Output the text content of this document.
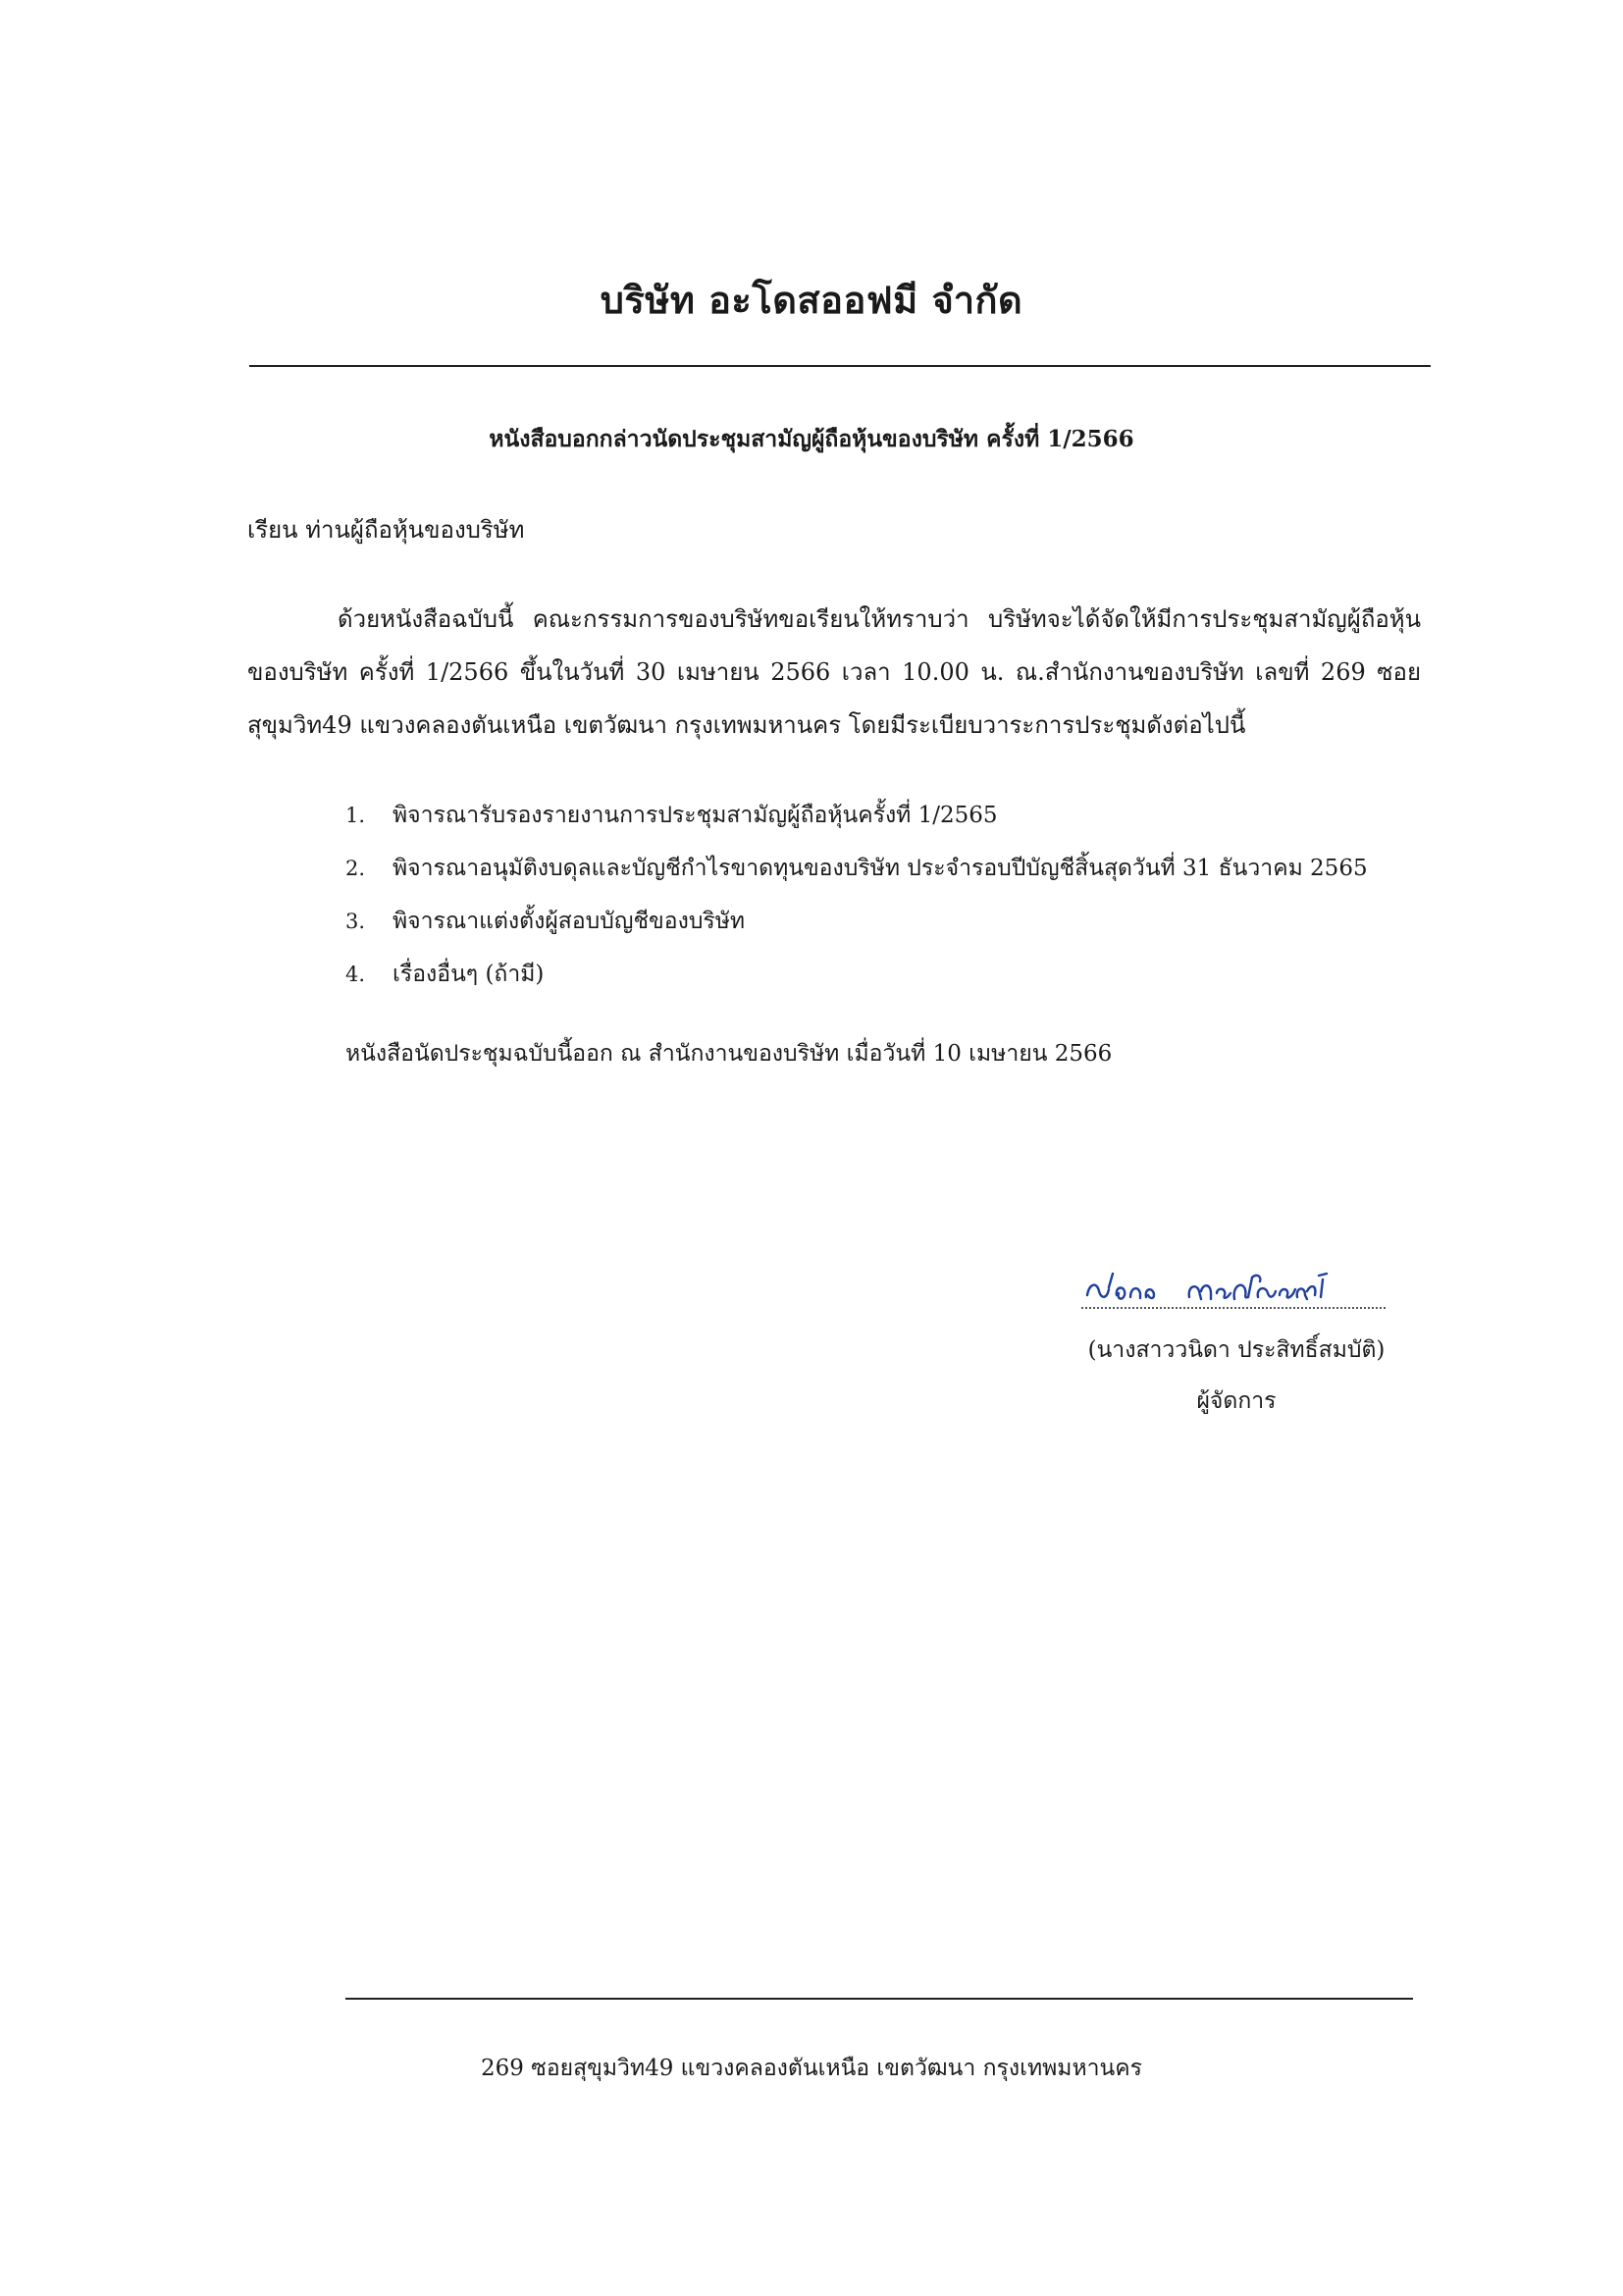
บริษัท อะโดสออฟมี จำกัด
หนังสือบอกกล่าวนัดประชุมสามัญผู้ถือหุ้นของบริษัท ครั้งที่ 1/2566
เรียน ท่านผู้ถือหุ้นของบริษัท

ด้วยหนังสือฉบับนี้ คณะกรรมการของบริษัทขอเรียนให้ทราบว่า บริษัทจะได้จัดให้มีการประชุมสามัญผู้ถือหุ้นของบริษัท ครั้งที่ 1/2566 ขึ้นในวันที่ 30 เมษายน 2566 เวลา 10.00 น. ณ.สำนักงานของบริษัท เลขที่ 269 ซอยสุขุมวิท49 แขวงคลองตันเหนือ เขตวัฒนา กรุงเทพมหานคร โดยมีระเบียบวาระการประชุมดังต่อไปนี้

1. พิจารณารับรองรายงานการประชุมสามัญผู้ถือหุ้นครั้งที่ 1/2565
2. พิจารณาอนุมัติงบดุลและบัญชีกำไรขาดทุนของบริษัท ประจำรอบปีบัญชีสิ้นสุดวันที่ 31 ธันวาคม 2565
3. พิจารณาแต่งตั้งผู้สอบบัญชีของบริษัท
4. เรื่องอื่นๆ (ถ้ามี)
หนังสือนัดประชุมฉบับนี้ออก ณ สำนักงานของบริษัท เมื่อวันที่ 10 เมษายน 2566
(นางสาววนิดา ประสิทธิ์สมบัติ)
ผู้จัดการ
269 ซอยสุขุมวิท49 แขวงคลองตันเหนือ เขตวัฒนา กรุงเทพมหานคร
